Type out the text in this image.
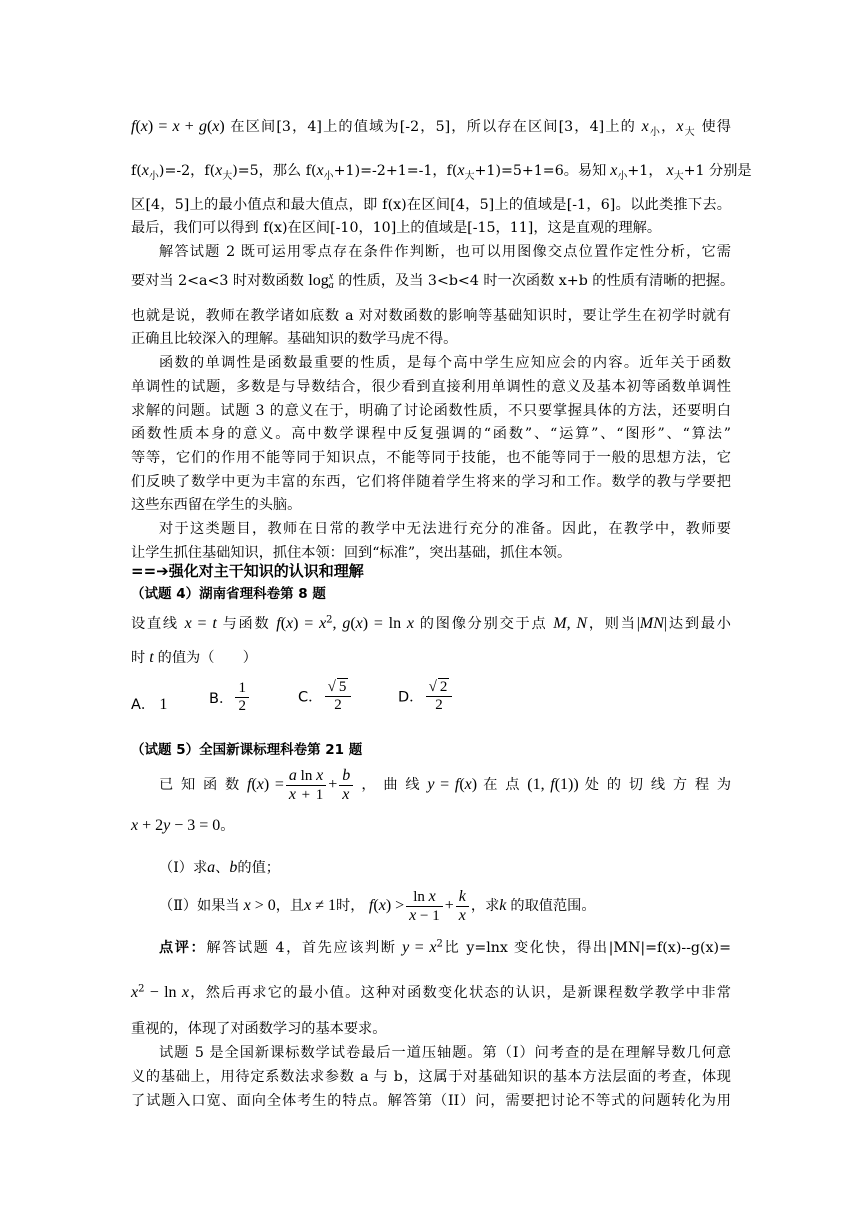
f(x) = x + g(x) 在区间[3，4]上的值域为[-2，5]，所以存在区间[3，4]上的 $x_小$，$x_大$ 使得
$f(x_小)=-2$，$f(x_大)=5$，那么 $f(x_小+1)=-2+1=-1$，$f(x_大+1)=5+1=6$。易知 $x_小+1$， $x_大+1$ 分别是
区[4，5]上的最小值点和最大值点，即 f(x)在区间[4，5]上的值域是[-1，6]。以此类推下去。
最后，我们可以得到 f(x)在区间[-10，10]上的值域是[-15，11]，这是直观的理解。
解答试题 2 既可运用零点存在条件作判断，也可以用图像交点位置作定性分析，它需
要对当 2<a<3 时对数函数 log x
a 的性质，及当 3<b<4 时一次函数 x+b 的性质有清晰的把握。
也就是说，教师在教学诸如底数 a 对对数函数的影响等基础知识时，要让学生在初学时就有
正确且比较深入的理解。基础知识的数学马虎不得。
函数的单调性是函数最重要的性质，是每个高中学生应知应会的内容。近年关于函数
单调性的试题，多数是与导数结合，很少看到直接利用单调性的意义及基本初等函数单调性
求解的问题。试题 3 的意义在于，明确了讨论函数性质，不只要掌握具体的方法，还要明白
函数性质本身的意义。高中数学课程中反复强调的“函数”、“运算”、“图形”、“算法”
等等，它们的作用不能等同于知识点，不能等同于技能，也不能等同于一般的思想方法，它
们反映了数学中更为丰富的东西，它们将伴随着学生将来的学习和工作。数学的教与学要把
这些东西留在学生的头脑。
对于这类题目，教师在日常的教学中无法进行充分的准备。因此，在教学中，教师要
让学生抓住基础知识，抓住本领：回到“标准”，突出基础，抓住本领。
==➔强化对主干知识的认识和理解
（试题 4）湖南省理科卷第 8 题
设直线 x = t 与函数 $f(x) = x^2$, g(x) = ln x 的图像分别交于点 M, N，则当|MN|达到最小
时 t 的值为（　　）
A． 1	B． $\frac{1}{2}$	C． $\frac{√ 5}{2}$	D． $\frac{√ 2}{2}$
（试题 5）全国新课标理科卷第 21 题
已 知 函 数 $f(x) = \frac{\text{a ln x}}{x + 1} + \frac{b}{x}$ ， 曲 线 y = f(x) 在 点 (1, f(1)) 处 的 切 线 方 程 为
x + 2y − 3 = 0。
（Ⅰ）求a、b的值；
（Ⅱ）如果当 x > 0，且x ≠ 1时， $f(x) > \frac{\text{ln x}}{x - 1} + \frac{k}{x}$ ，求k 的取值范围。
点评：解答试题 4，首先应该判断 $y = x^2$比 y=lnx 变化快，得出|MN|=f(x)--g(x)=
$x^2 - \ln x$，然后再求它的最小值。这种对函数变化状态的认识，是新课程数学教学中非常
重视的，体现了对函数学习的基本要求。
试题 5 是全国新课标数学试卷最后一道压轴题。第（I）问考查的是在理解导数几何意
义的基础上，用待定系数法求参数 a 与 b，这属于对基础知识的基本方法层面的考查，体现
了试题入口宽、面向全体考生的特点。解答第（II）问，需要把讨论不等式的问题转化为用
